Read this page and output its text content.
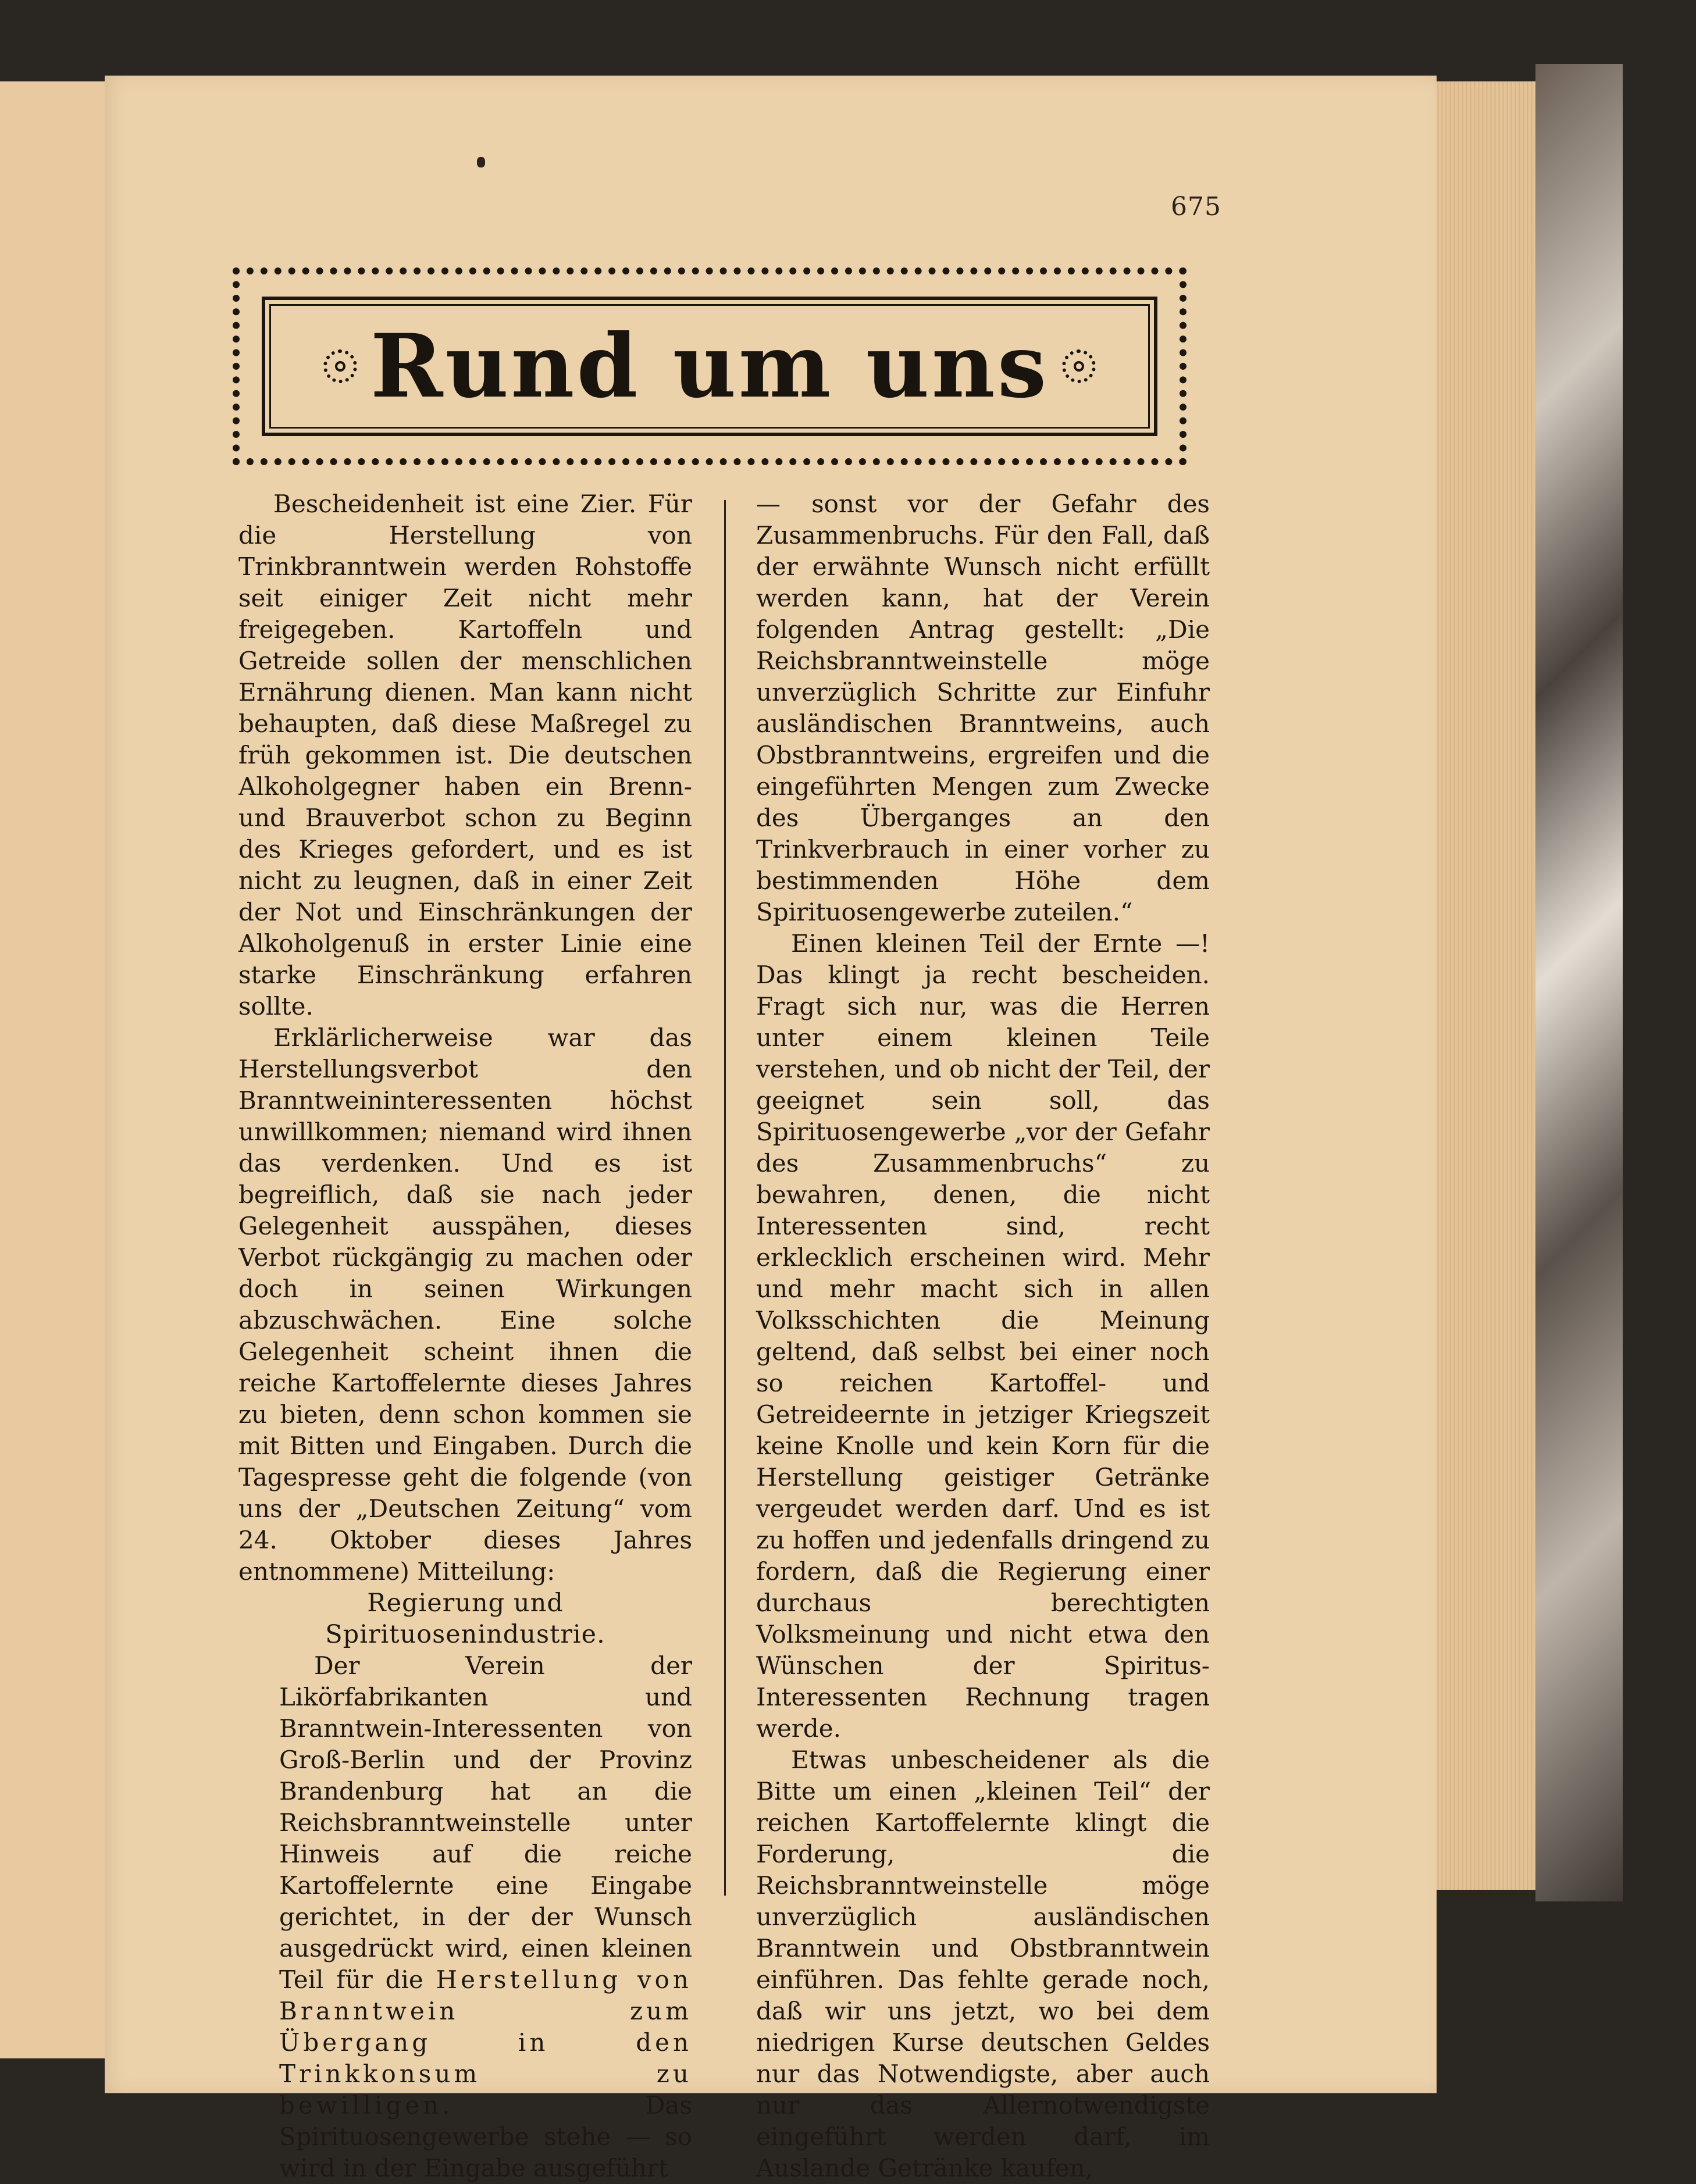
675
Rund um uns

Bescheidenheit ist eine Zier. Für die Herstellung von Trinkbranntwein werden Rohstoffe seit einiger Zeit nicht mehr freigegeben. Kartoffeln und Getreide sollen der menschlichen Ernährung dienen. Man kann nicht behaupten, daß diese Maßregel zu früh gekommen ist. Die deutschen Alkoholgegner haben ein Brenn- und Brauverbot schon zu Beginn des Krieges gefordert, und es ist nicht zu leugnen, daß in einer Zeit der Not und Einschränkungen der Alkoholgenuß in erster Linie eine starke Einschränkung erfahren sollte.

Erklärlicherweise war das Herstellungsverbot den Branntweininteressenten höchst unwillkommen; niemand wird ihnen das verdenken. Und es ist begreiflich, daß sie nach jeder Gelegenheit ausspähen, dieses Verbot rückgängig zu machen oder doch in seinen Wirkungen abzuschwächen. Eine solche Gelegenheit scheint ihnen die reiche Kartoffelernte dieses Jahres zu bieten, denn schon kommen sie mit Bitten und Eingaben. Durch die Tagespresse geht die folgende (von uns der „Deutschen Zeitung“ vom 24. Oktober dieses Jahres entnommene) Mitteilung:

Regierung und Spirituosenindustrie.

Der Verein der Likörfabrikanten und Branntwein-Interessenten von Groß-Berlin und der Provinz Brandenburg hat an die Reichsbranntweinstelle unter Hinweis auf die reiche Kartoffelernte eine Eingabe gerichtet, in der der Wunsch ausgedrückt wird, einen kleinen Teil für die Herstellung von Branntwein zum Übergang in den Trinkkonsum zu bewilligen.	Das Spirituosengewerbe stehe — so wird in der Eingabe ausgeführt

— sonst vor der Gefahr des Zusammenbruchs. Für den Fall, daß der erwähnte Wunsch nicht erfüllt werden kann, hat der Verein folgenden Antrag gestellt: „Die Reichsbranntweinstelle möge unverzüglich Schritte zur Einfuhr ausländischen Branntweins, auch Obstbranntweins, ergreifen und die eingeführten Mengen zum Zwecke des Überganges an den Trinkverbrauch in einer vorher zu bestimmenden Höhe dem Spirituosengewerbe zuteilen.“

Einen kleinen Teil der Ernte —! Das klingt ja recht bescheiden. Fragt sich nur, was die Herren unter einem kleinen Teile verstehen, und ob nicht der Teil, der geeignet sein soll, das Spirituosengewerbe „vor der Gefahr des Zusammenbruchs“ zu bewahren, denen, die nicht Interessenten sind, recht erklecklich erscheinen wird. Mehr und mehr macht sich in allen Volksschichten die Meinung geltend, daß selbst bei einer noch so reichen Kartoffel- und Getreideernte in jetziger Kriegszeit keine Knolle und kein Korn für die Herstellung geistiger Getränke vergeudet werden darf. Und es ist zu hoffen und jedenfalls dringend zu fordern, daß die Regierung einer durchaus berechtigten Volksmeinung und nicht etwa den Wünschen der Spiritus-Interessenten Rechnung tragen werde.

Etwas unbescheidener als die Bitte um einen „kleinen Teil“ der reichen Kartoffelernte klingt die Forderung, die Reichsbranntweinstelle möge unverzüglich ausländischen Branntwein und Obstbranntwein einführen. Das fehlte gerade noch, daß wir uns jetzt, wo bei dem niedrigen Kurse deutschen Geldes nur das Notwendigste, aber auch nur das Allernotwendigste eingeführt werden darf, im Auslande Getränke kaufen,
